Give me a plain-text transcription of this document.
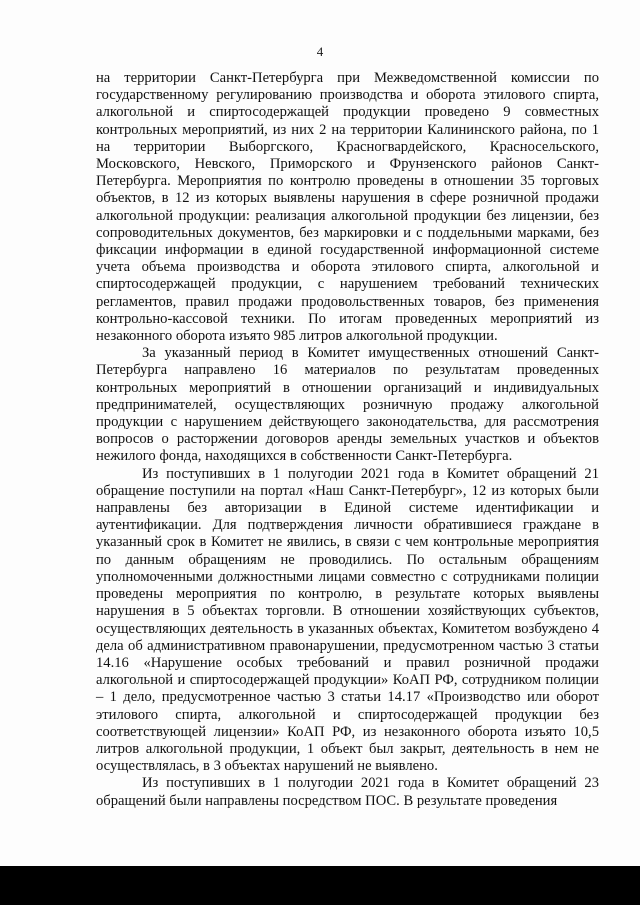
4

на территории Санкт-Петербурга при Межведомственной комиссии по государственному регулированию производства и оборота этилового спирта, алкогольной и спиртосодержащей продукции проведено 9 совместных контрольных мероприятий, из них 2 на территории Калининского района, по 1 на территории Выборгского, Красногвардейского, Красносельского, Московского, Невского, Приморского и Фрунзенского районов Санкт-Петербурга. Мероприятия по контролю проведены в отношении 35 торговых объектов, в 12 из которых выявлены нарушения в сфере розничной продажи алкогольной продукции: реализация алкогольной продукции без лицензии, без сопроводительных документов, без маркировки и с поддельными марками, без фиксации информации в единой государственной информационной системе учета объема производства и оборота этилового спирта, алкогольной и спиртосодержащей продукции, с нарушением требований технических регламентов, правил продажи продовольственных товаров, без применения контрольно-кассовой техники. По итогам проведенных мероприятий из незаконного оборота изъято 985 литров алкогольной продукции.

За указанный период в Комитет имущественных отношений Санкт-Петербурга направлено 16 материалов по результатам проведенных контрольных мероприятий в отношении организаций и индивидуальных предпринимателей, осуществляющих розничную продажу алкогольной продукции с нарушением действующего законодательства, для рассмотрения вопросов о расторжении договоров аренды земельных участков и объектов нежилого фонда, находящихся в собственности Санкт-Петербурга.

Из поступивших в 1 полугодии 2021 года в Комитет обращений 21 обращение поступили на портал «Наш Санкт-Петербург», 12 из которых были направлены без авторизации в Единой системе идентификации и аутентификации. Для подтверждения личности обратившиеся граждане в указанный срок в Комитет не явились, в связи с чем контрольные мероприятия по данным обращениям не проводились. По остальным обращениям уполномоченными должностными лицами совместно с сотрудниками полиции проведены мероприятия по контролю, в результате которых выявлены нарушения в 5 объектах торговли. В отношении хозяйствующих субъектов, осуществляющих деятельность в указанных объектах, Комитетом возбуждено 4 дела об административном правонарушении, предусмотренном частью 3 статьи 14.16 «Нарушение особых требований и правил розничной продажи алкогольной и спиртосодержащей продукции» КоАП РФ, сотрудником полиции – 1 дело, предусмотренное частью 3 статьи 14.17 «Производство или оборот этилового спирта, алкогольной и спиртосодержащей продукции без соответствующей лицензии» КоАП РФ, из незаконного оборота изъято 10,5 литров алкогольной продукции, 1 объект был закрыт, деятельность в нем не осуществлялась, в 3 объектах нарушений не выявлено.

Из поступивших в 1 полугодии 2021 года в Комитет обращений 23 обращений были направлены посредством ПОС. В результате проведения
